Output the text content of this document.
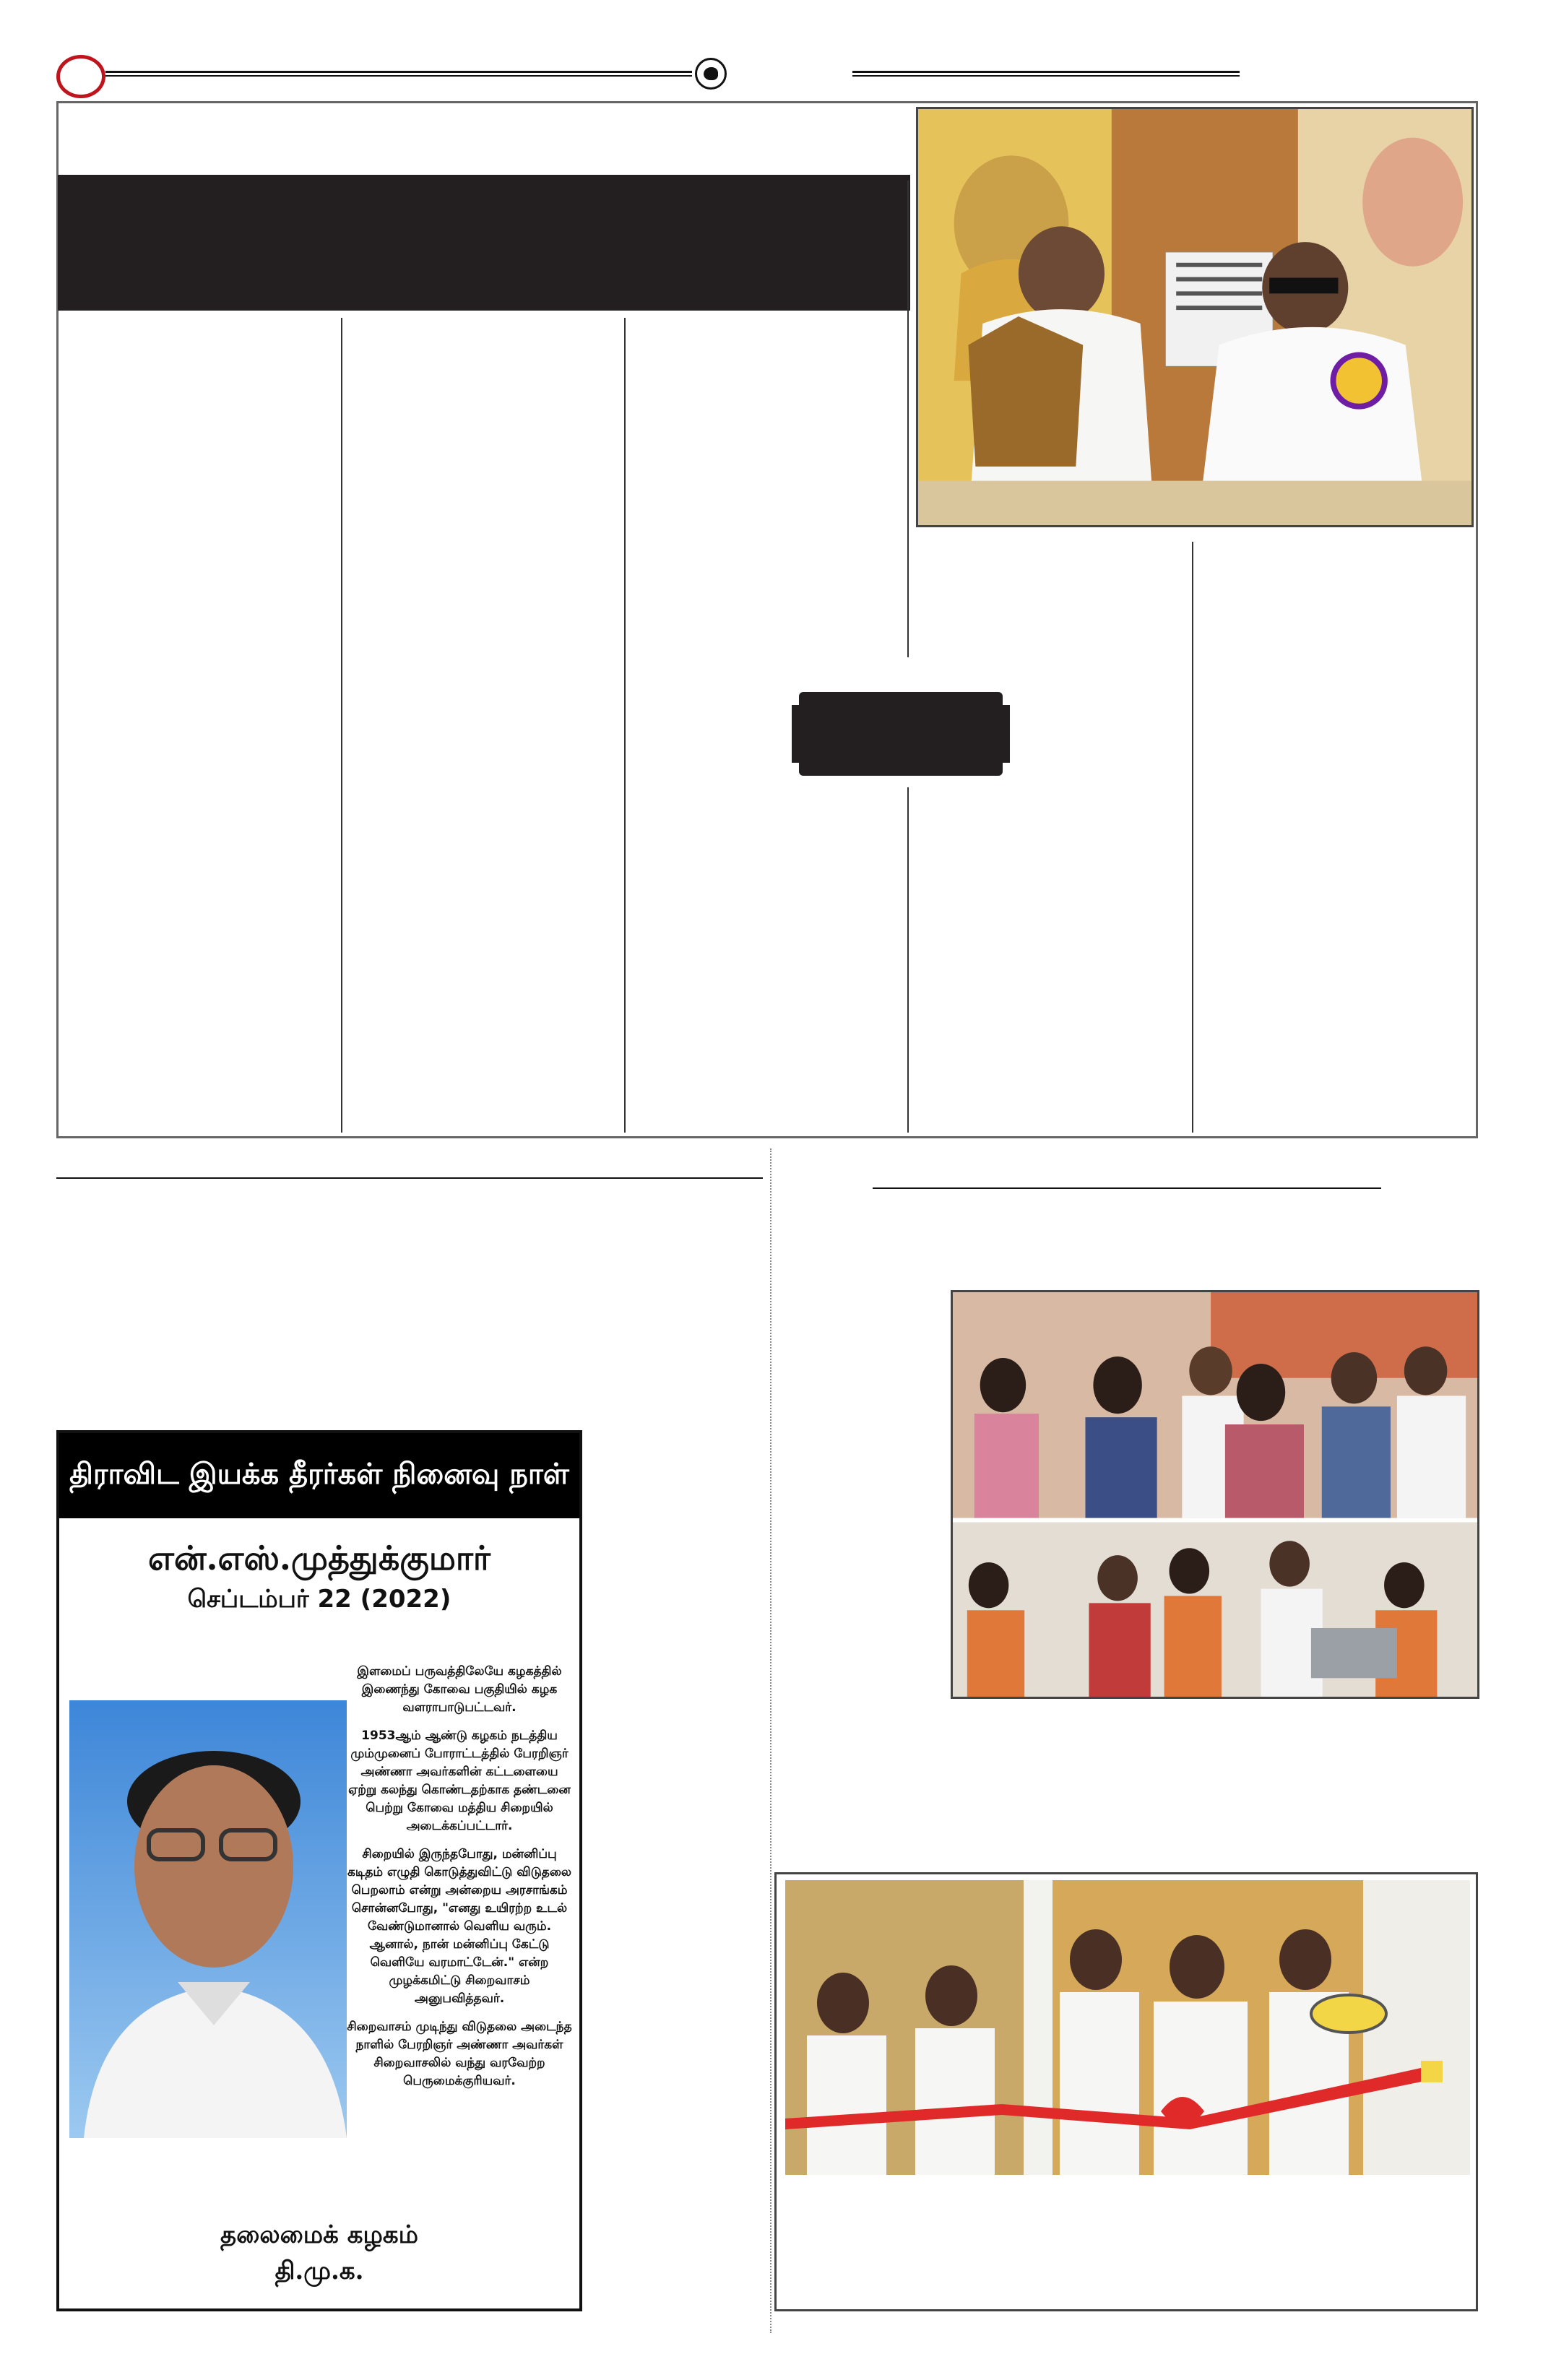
திராவிட இயக்க தீரர்கள் நினைவு நாள்
என்.எஸ்.முத்துக்குமார்
செப்டம்பர் 22 (2022)

இளமைப் பருவத்திலேயே கழகத்தில் இணைந்து கோவை பகுதியில் கழக வளராபாடுபட்டவர்.

1953ஆம் ஆண்டு கழகம் நடத்திய மும்முனைப் போராட்டத்தில் பேரறிஞர் அண்ணா அவர்களின் கட்டளையை ஏற்று கலந்து கொண்டதற்காக தண்டனை பெற்று கோவை மத்திய சிறையில் அடைக்கப்பட்டார்.

சிறையில் இருந்தபோது, மன்னிப்பு கடிதம் எழுதி கொடுத்துவிட்டு விடுதலை பெறலாம் என்று அன்றைய அரசாங்கம் சொன்னபோது, "எனது உயிரற்ற உடல் வேண்டுமானால் வெளிய வரும். ஆனால், நான் மன்னிப்பு கேட்டு வெளியே வரமாட்டேன்." என்ற முழக்கமிட்டு சிறைவாசம் அனுபவித்தவர்.

சிறைவாசம் முடிந்து விடுதலை அடைந்த நாளில் பேரறிஞர் அண்ணா அவர்கள் சிறைவாசலில் வந்து வரவேற்ற பெருமைக்குரியவர்.

தலைமைக் கழகம்
தி.மு.க.
